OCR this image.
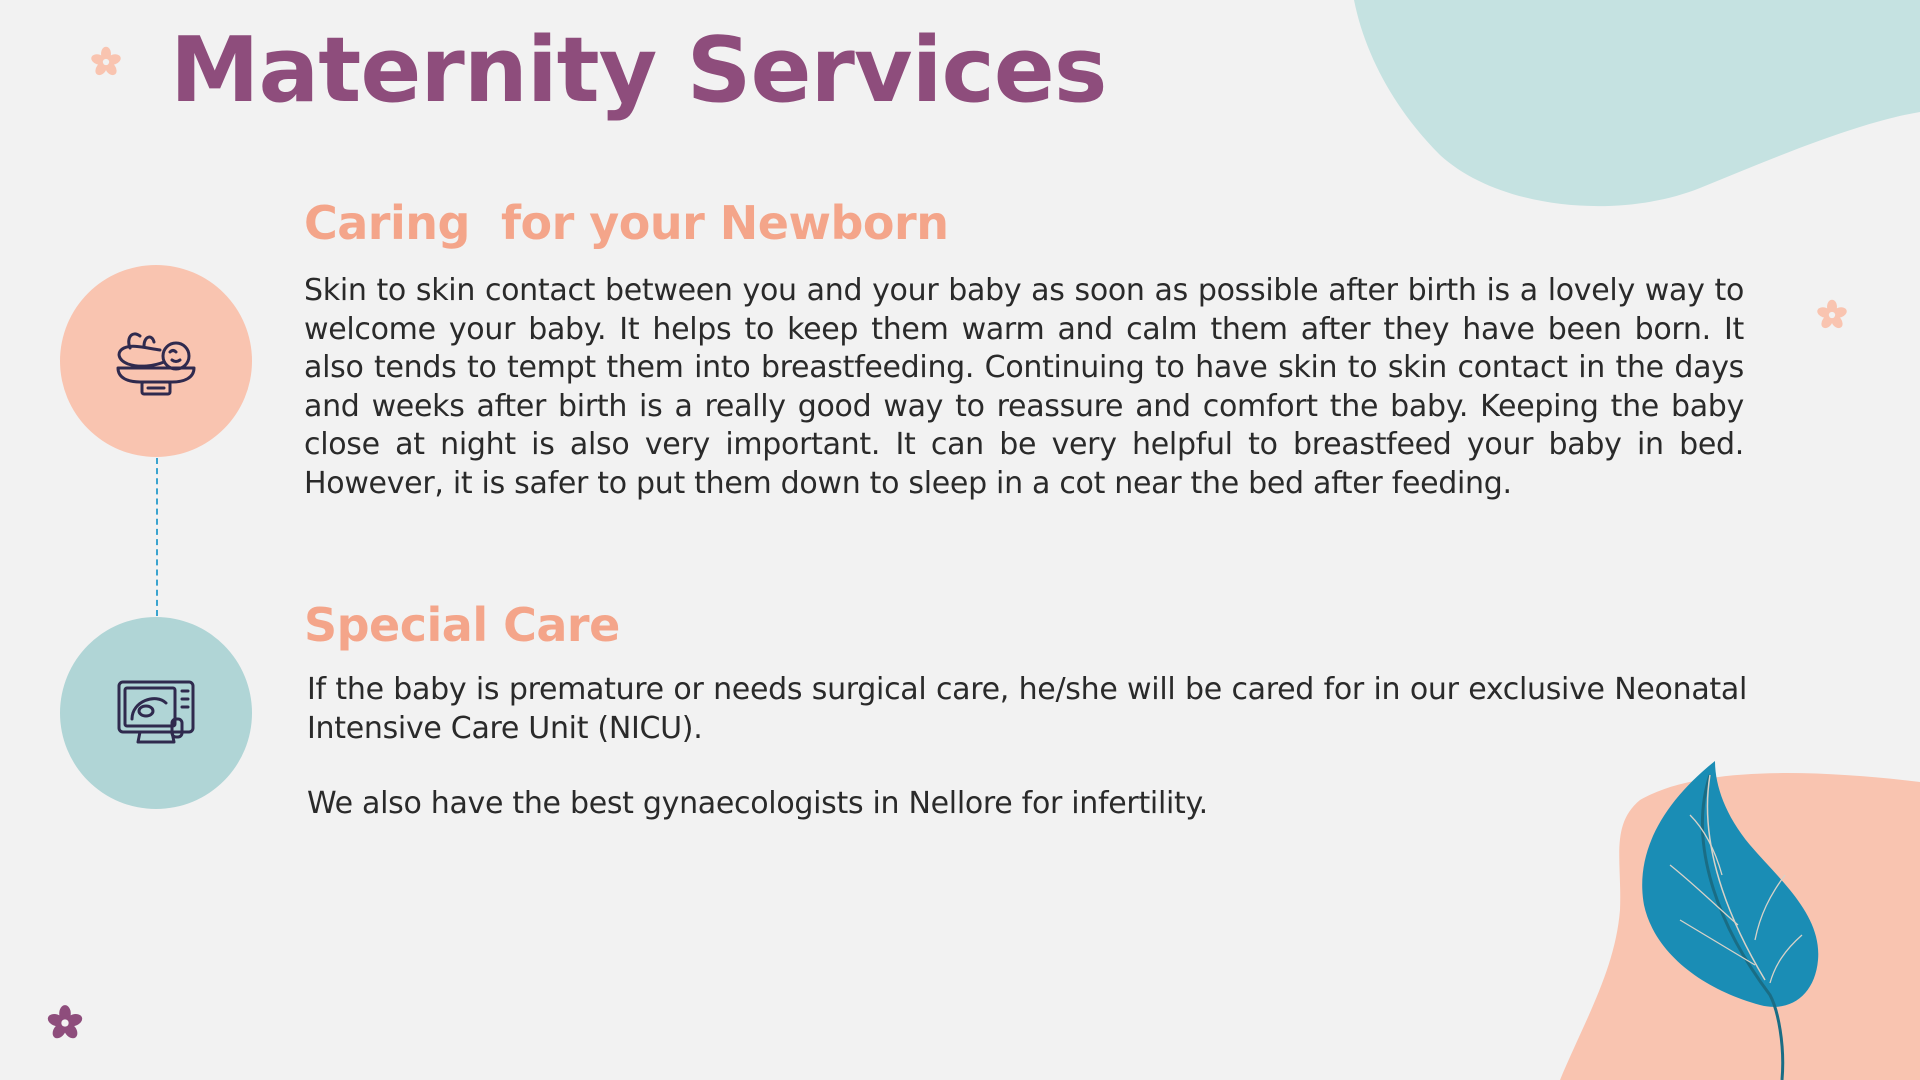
Maternity Services
Caring  for your Newborn
Skin to skin contact between you and your baby as soon as possible after birth is a lovely way to welcome your baby. It helps to keep them warm and calm them after they have been born. It also tends to tempt them into breastfeeding. Continuing to have skin to skin contact in the days and weeks after birth is a really good way to reassure and comfort the baby. Keeping the baby close at night is also very important. It can be very helpful to breastfeed your baby in bed. However, it is safer to put them down to sleep in a cot near the bed after feeding.
Special Care
If the baby is premature or needs surgical care, he/she will be cared for in our exclusive Neonatal Intensive Care Unit (NICU).
We also have the best gynaecologists in Nellore for infertility.
